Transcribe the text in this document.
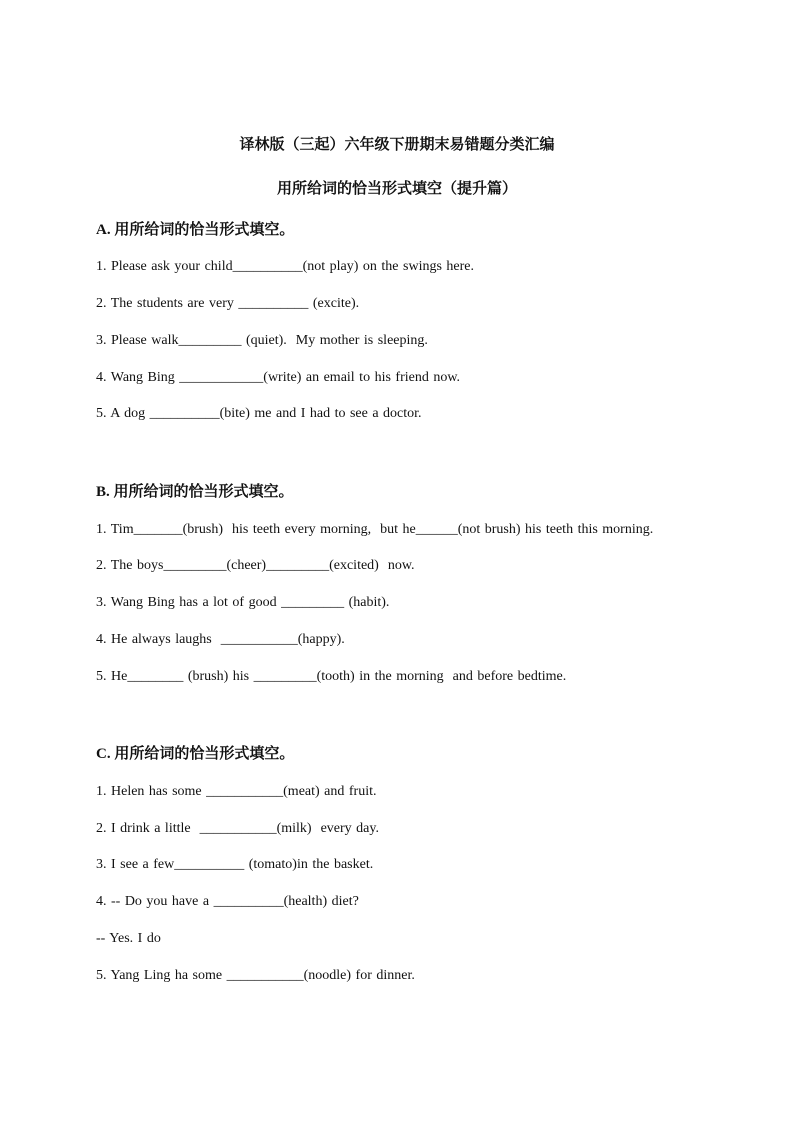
译林版（三起）六年级下册期末易错题分类汇编
用所给词的恰当形式填空（提升篇）
A. 用所给词的恰当形式填空。
1. Please ask your child__________(not play) on the swings here.
2. The students are very __________ (excite).
3. Please walk_________ (quiet).  My mother is sleeping.
4. Wang Bing ____________(write) an email to his friend now.
5. A dog __________(bite) me and I had to see a doctor.
B. 用所给词的恰当形式填空。
1. Tim_______(brush)  his teeth every morning,  but he______(not brush) his teeth this morning.
2. The boys_________(cheer)_________(excited)  now.
3. Wang Bing has a lot of good _________ (habit).
4. He always laughs  ___________(happy).
5. He________ (brush) his _________(tooth) in the morning  and before bedtime.
C. 用所给词的恰当形式填空。
1. Helen has some ___________(meat) and fruit.
2. I drink a little  ___________(milk)  every day.
3. I see a few__________ (tomato)in the basket.
4. -- Do you have a __________(health) diet?
-- Yes. I do
5. Yang Ling ha some ___________(noodle) for dinner.
